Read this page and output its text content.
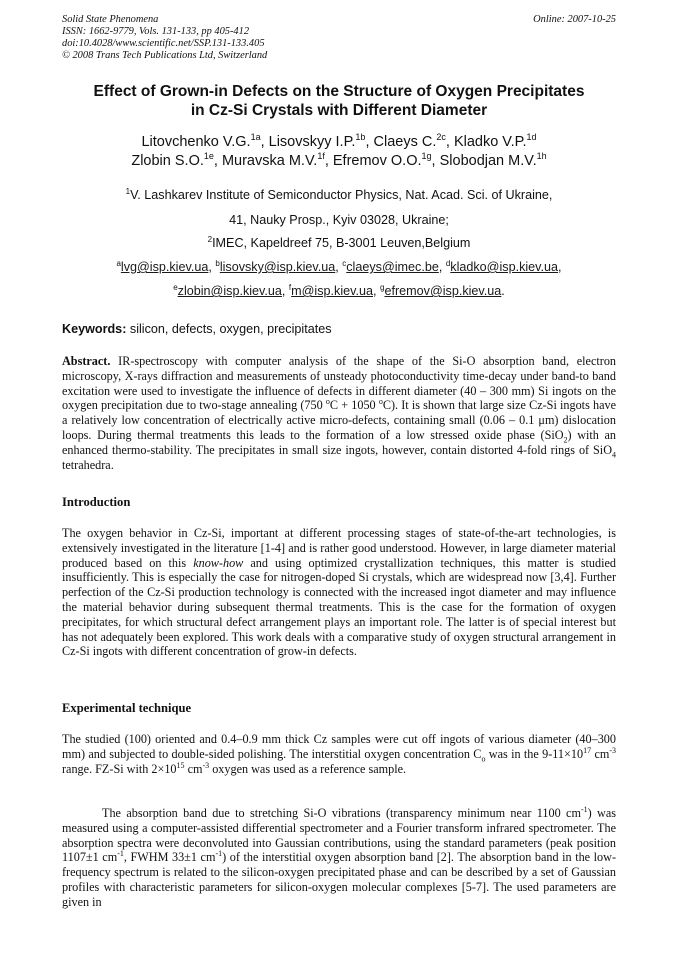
Solid State Phenomena
ISSN: 1662-9779, Vols. 131-133, pp 405-412
doi:10.4028/www.scientific.net/SSP.131-133.405
© 2008 Trans Tech Publications Ltd, Switzerland
Online: 2007-10-25
Effect of Grown-in Defects on the Structure of Oxygen Precipitates
in Cz-Si Crystals with Different Diameter
Litovchenko V.G.$^{1a}$, Lisovskyy I.P.$^{1b}$, Claeys C.$^{2c}$, Kladko V.P.$^{1d}$
Zlobin S.O.$^{1e}$, Muravska M.V.$^{1f}$, Efremov O.O.$^{1g}$, Slobodjan M.V.$^{1h}$
$^1$V. Lashkarev Institute of Semiconductor Physics, Nat. Acad. Sci. of Ukraine,
41, Nauky Prosp., Kyiv 03028, Ukraine;
$^2$IMEC, Kapeldreef 75, B-3001 Leuven,Belgium
$^a$lvg@isp.kiev.ua, $^b$lisovsky@isp.kiev.ua, $^c$claeys@imec.be, $^d$kladko@isp.kiev.ua,
$^e$zlobin@isp.kiev.ua, $^f$m@isp.kiev.ua, $^g$efremov@isp.kiev.ua.
Keywords: silicon, defects, oxygen, precipitates
Abstract. IR-spectroscopy with computer analysis of the shape of the Si-O absorption band, electron microscopy, X-rays diffraction and measurements of unsteady photoconductivity time-decay under band-to band excitation were used to investigate the influence of defects in different diameter (40 – 300 mm) Si ingots on the oxygen precipitation due to two-stage annealing (750 $^o$C + 1050 $^o$C). It is shown that large size Cz-Si ingots have a relatively low concentration of electrically active micro-defects, containing small (0.06 – 0.1 μm) dislocation loops. During thermal treatments this leads to the formation of a low stressed oxide phase (SiO$_2$) with an enhanced thermo-stability. The precipitates in small size ingots, however, contain distorted 4-fold rings of SiO$_4$ tetrahedra.
Introduction
The oxygen behavior in Cz-Si, important at different processing stages of state-of-the-art technologies, is extensively investigated in the literature [1-4] and is rather good understood. However, in large diameter material produced based on this know-how and using optimized crystallization techniques, this matter is studied insufficiently. This is especially the case for nitrogen-doped Si crystals, which are widespread now [3,4]. Further perfection of the Cz-Si production technology is connected with the increased ingot diameter and may influence the material behavior during subsequent thermal treatments. This is the case for the formation of oxygen precipitates, for which structural defect arrangement plays an important role. The latter is of special interest but has not adequately been explored. This work deals with a comparative study of oxygen structural arrangement in Cz-Si ingots with different concentration of grow-in defects.
Experimental technique
The studied (100) oriented and 0.4–0.9 mm thick Cz samples were cut off ingots of various diameter (40–300 mm) and subjected to double-sided polishing. The interstitial oxygen concentration $C_o$ was in the $9-11\times 10^{17}$ $cm^{-3}$ range. FZ-Si with $2\times 10^{15}$ $cm^{-3}$ oxygen was used as a reference sample.
The absorption band due to stretching Si-O vibrations (transparency minimum near 1100 $cm^{-1}$) was measured using a computer-assisted differential spectrometer and a Fourier transform infrared spectrometer. The absorption spectra were deconvoluted into Gaussian contributions, using the standard parameters (peak position 1107±1 $cm^{-1}$, FWHM 33±1 $cm^{-1}$) of the interstitial oxygen absorption band [2]. The absorption band in the low-frequency spectrum is related to the silicon-oxygen precipitated phase and can be described by a set of Gaussian profiles with characteristic parameters for silicon-oxygen molecular complexes [5-7]. The used parameters are given in
